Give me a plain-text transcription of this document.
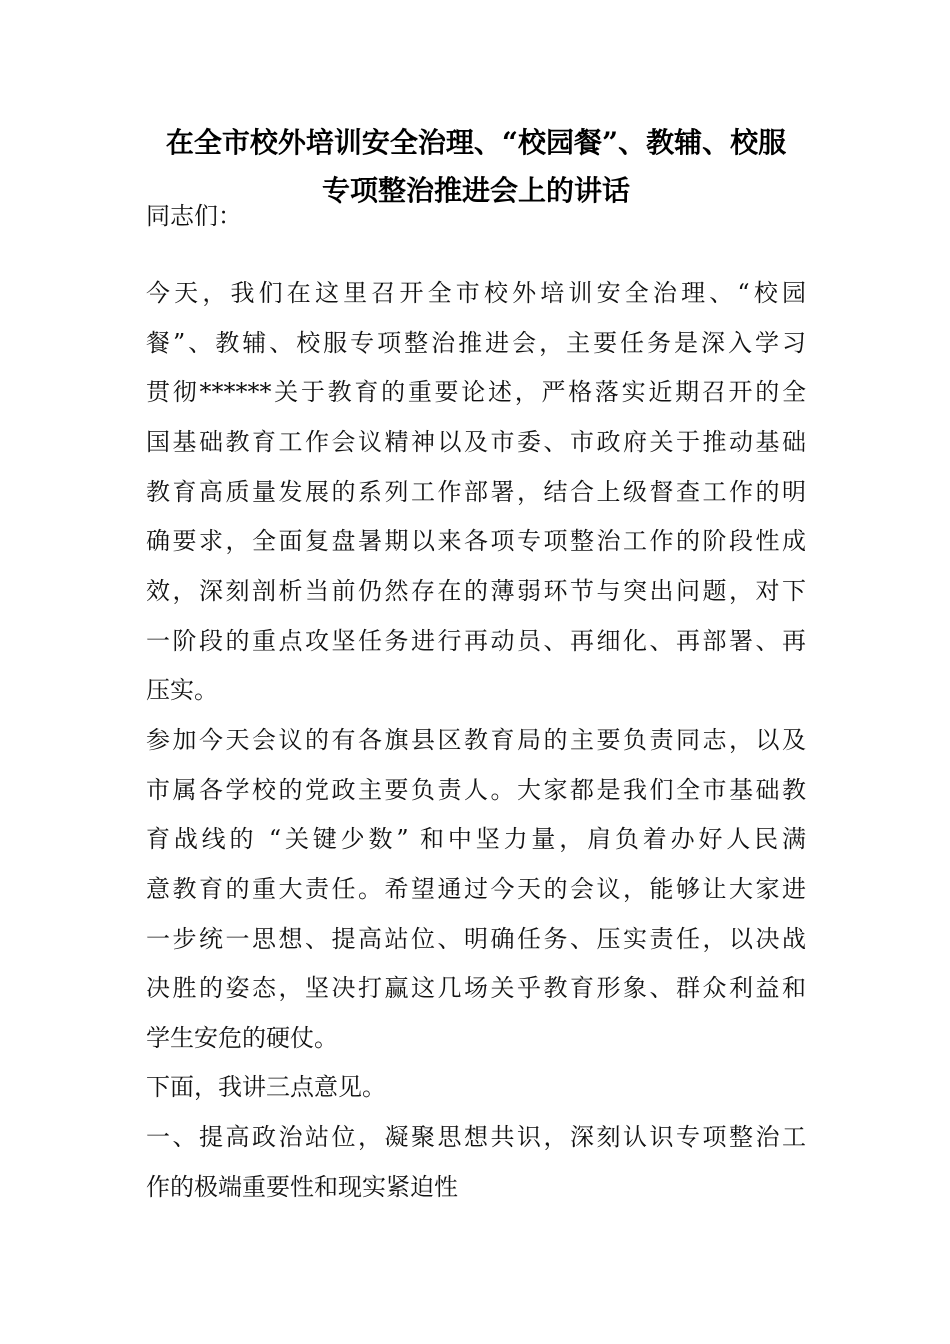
在全市校外培训安全治理、“校园餐”、教辅、校服
专项整治推进会上的讲话
同志们：
今天，我们在这里召开全市校外培训安全治理、“校园
餐”、教辅、校服专项整治推进会，主要任务是深入学习
贯彻******关于教育的重要论述，严格落实近期召开的全
国基础教育工作会议精神以及市委、市政府关于推动基础
教育高质量发展的系列工作部署，结合上级督查工作的明
确要求，全面复盘暑期以来各项专项整治工作的阶段性成
效，深刻剖析当前仍然存在的薄弱环节与突出问题，对下
一阶段的重点攻坚任务进行再动员、再细化、再部署、再
压实。
参加今天会议的有各旗县区教育局的主要负责同志，以及
市属各学校的党政主要负责人。大家都是我们全市基础教
育战线的 “关键少数” 和中坚力量，肩负着办好人民满
意教育的重大责任。希望通过今天的会议，能够让大家进
一步统一思想、提高站位、明确任务、压实责任，以决战
决胜的姿态，坚决打赢这几场关乎教育形象、群众利益和
学生安危的硬仗。
下面，我讲三点意见。
一、提高政治站位，凝聚思想共识，深刻认识专项整治工
作的极端重要性和现实紧迫性
